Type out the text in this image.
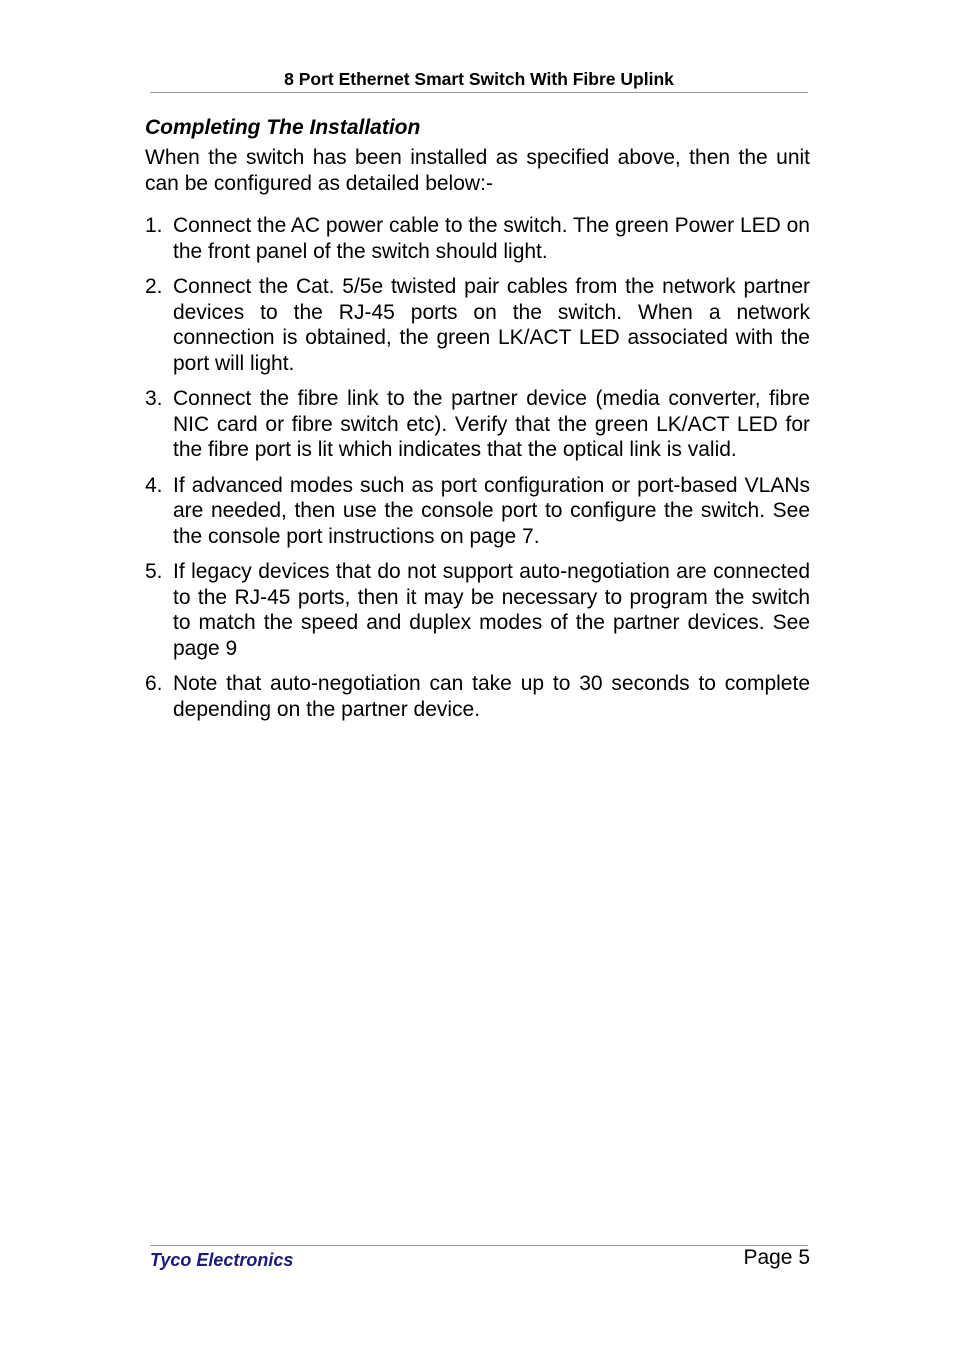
8 Port Ethernet Smart Switch With Fibre Uplink
Completing The Installation

When the switch has been installed as specified above, then the unit can be configured as detailed below:-

1. Connect the AC power cable to the switch. The green Power LED on the front panel of the switch should light.
2. Connect the Cat. 5/5e twisted pair cables from the network partner devices to the RJ-45 ports on the switch. When a network connection is obtained, the green LK/ACT LED associated with the port will light.
3. Connect the fibre link to the partner device (media converter, fibre NIC card or fibre switch etc). Verify that the green LK/ACT LED for the fibre port is lit which indicates that the optical link is valid.
4. If advanced modes such as port configuration or port-based VLANs are needed, then use the console port to configure the switch. See the console port instructions on page 7.
5. If legacy devices that do not support auto-negotiation are connected to the RJ-45 ports, then it may be necessary to program the switch to match the speed and duplex modes of the partner devices. See page 9
6. Note that auto-negotiation can take up to 30 seconds to complete depending on the partner device.
Tyco Electronics	Page 5
